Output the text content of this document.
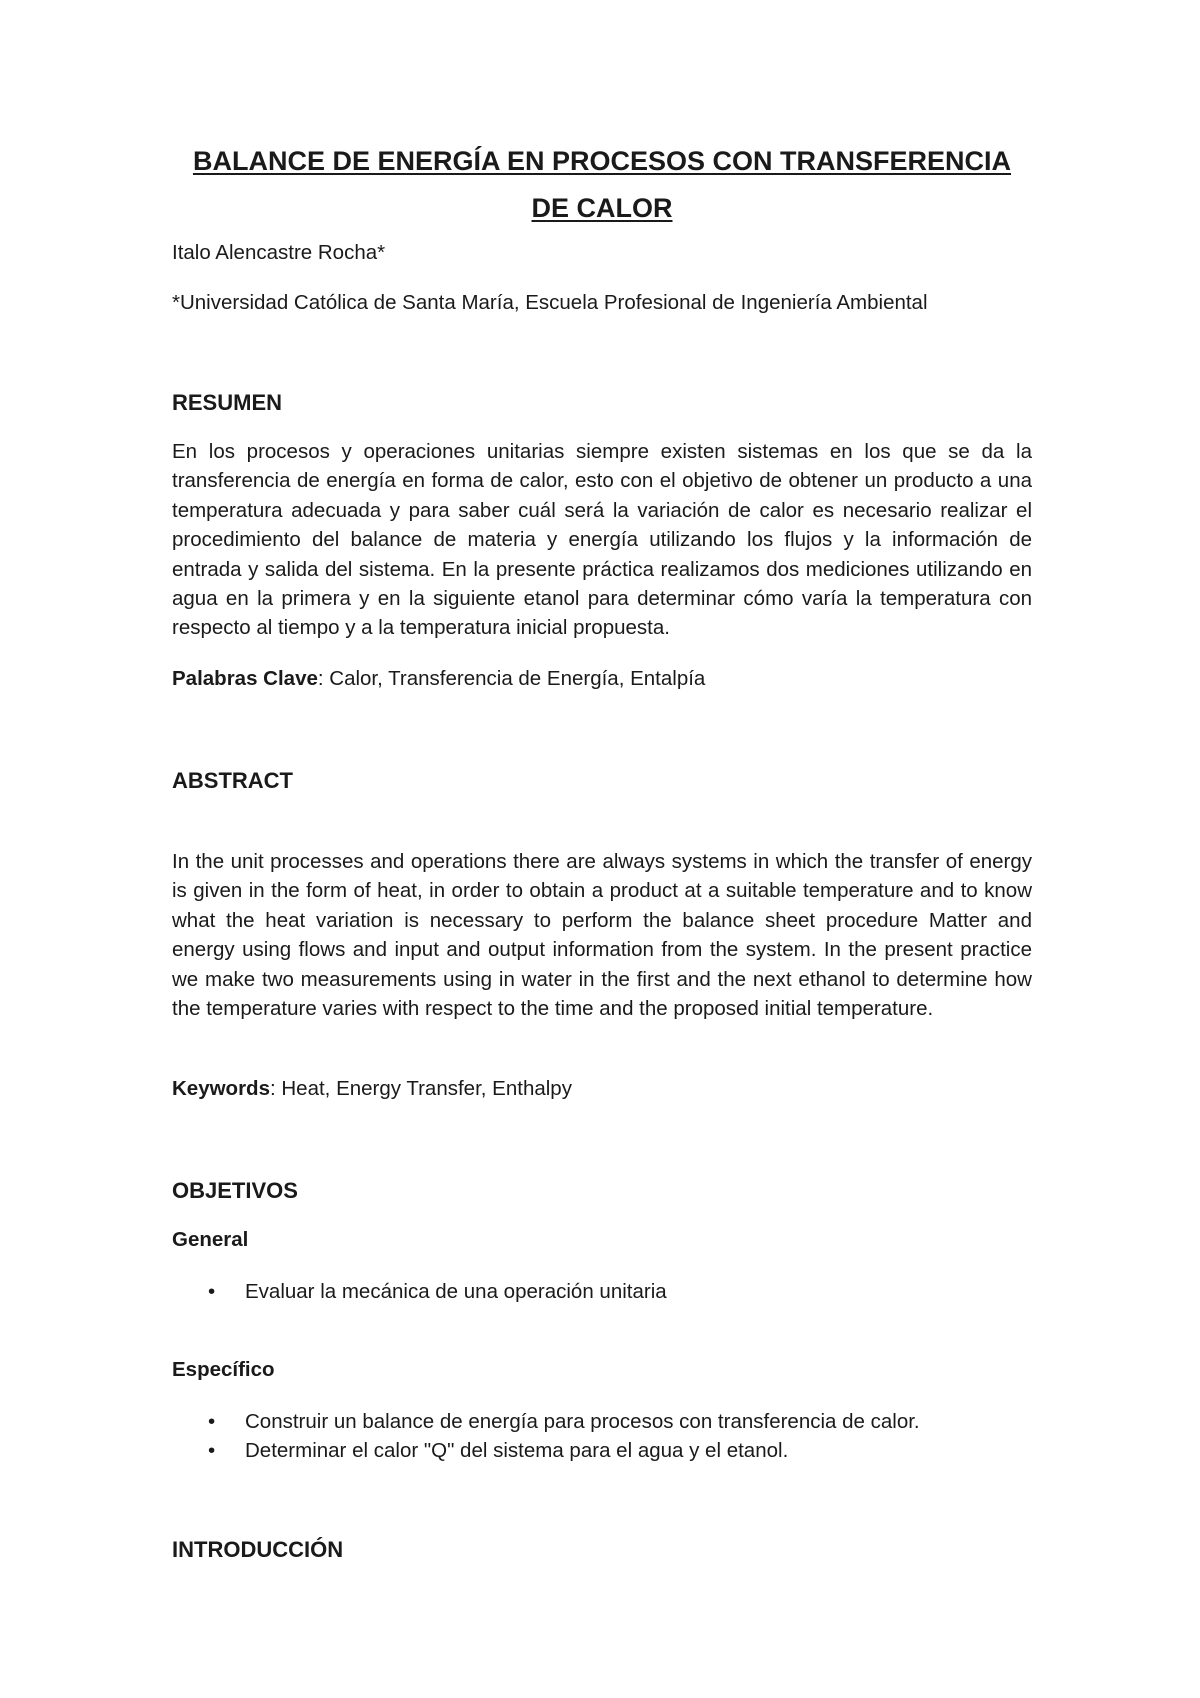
BALANCE DE ENERGÍA EN PROCESOS CON TRANSFERENCIA
DE CALOR

Italo Alencastre Rocha*

*Universidad Católica de Santa María, Escuela Profesional de Ingeniería Ambiental

RESUMEN

En los procesos y operaciones unitarias siempre existen sistemas en los que se da la transferencia de energía en forma de calor, esto con el objetivo de obtener un producto a una temperatura adecuada y para saber cuál será la variación de calor es necesario realizar el procedimiento del balance de materia y energía utilizando los flujos y la información de entrada y salida del sistema. En la presente práctica realizamos dos mediciones utilizando en agua en la primera y en la siguiente etanol para determinar cómo varía la temperatura con respecto al tiempo y a la temperatura inicial propuesta.

Palabras Clave: Calor, Transferencia de Energía, Entalpía

ABSTRACT

In the unit processes and operations there are always systems in which the transfer of energy is given in the form of heat, in order to obtain a product at a suitable temperature and to know what the heat variation is necessary to perform the balance sheet procedure Matter and energy using flows and input and output information from the system. In the present practice we make two measurements using in water in the first and the next ethanol to determine how the temperature varies with respect to the time and the proposed initial temperature.

Keywords: Heat, Energy Transfer, Enthalpy

OBJETIVOS
General
• Evaluar la mecánica de una operación unitaria
Específico
• Construir un balance de energía para procesos con transferencia de calor.
• Determinar el calor "Q" del sistema para el agua y el etanol.
INTRODUCCIÓN
